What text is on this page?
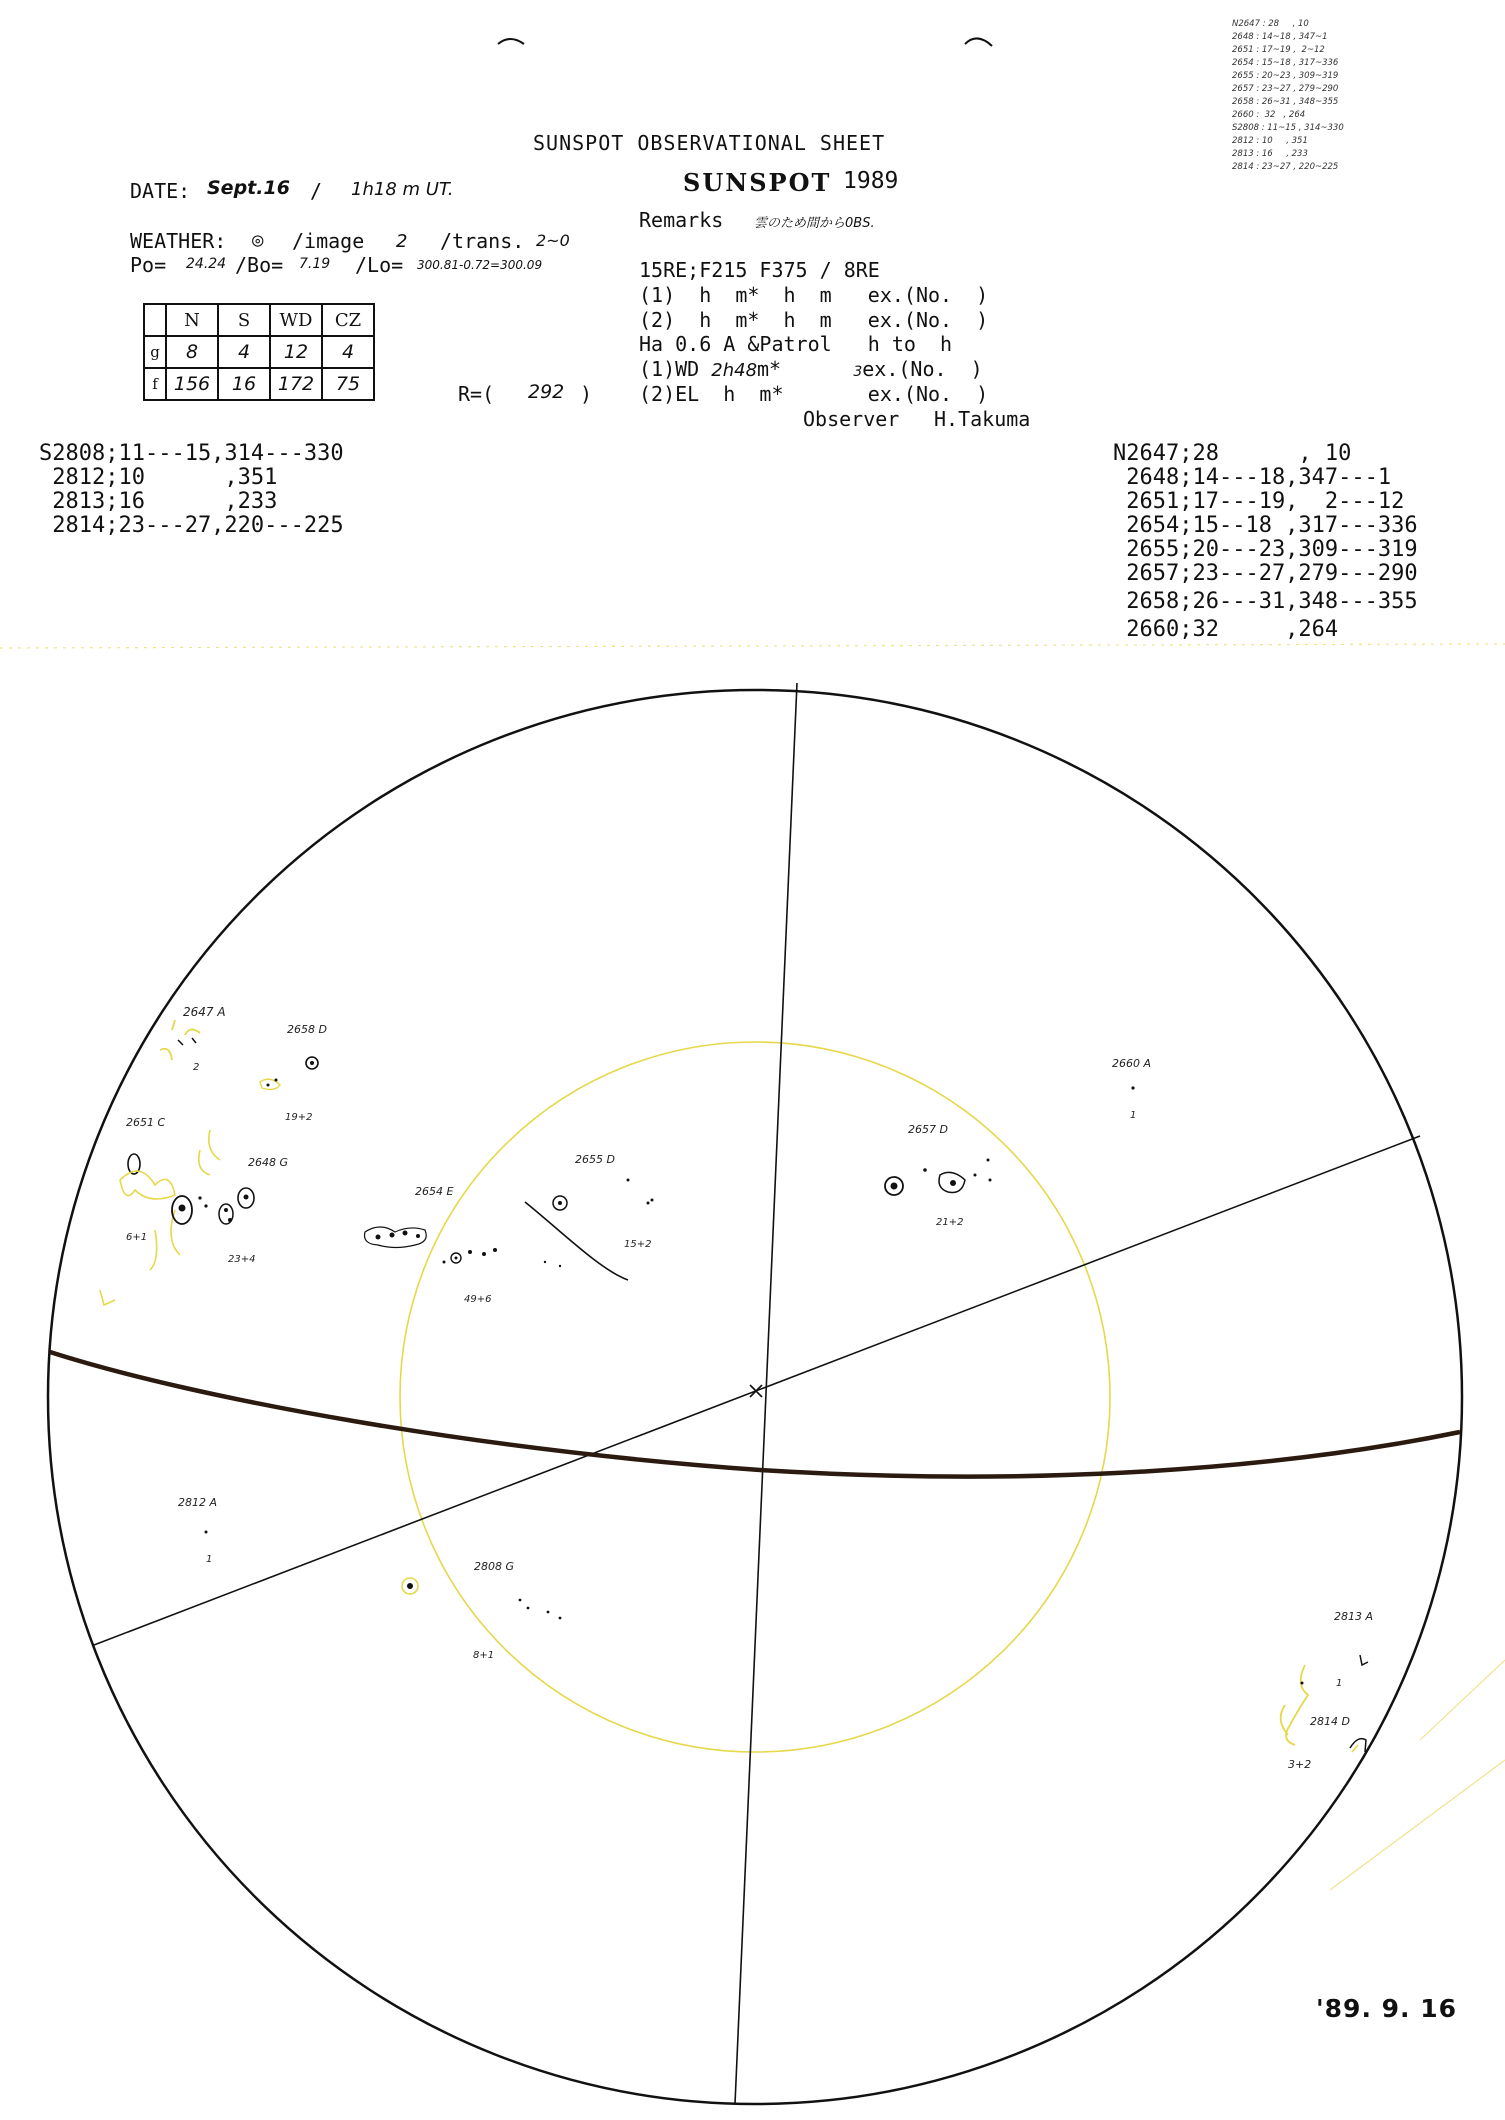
SUNSPOT OBSERVATIONAL SHEET
SUNSPOT 1989
DATE: Sept.16 / 1h18 m UT.
Remarks 雲のため間から0BS.
WEATHER: ◎ /image 2 /trans. 2~0
Po= 24.24 /Bo= 7.19 /Lo= 300.81-0.72=300.09
	N	S	WD	CZ
g	8	4	12	4
f	156	16	172	75	R=( 292 )
15RE;F215 F375 / 8RE
(1)  h  m*  h  m   ex.(No.  )
(2)  h  m*  h  m   ex.(No.  )
Ha 0.6 A &Patrol   h to  h
(1)WD 2h48m*      3ex.(No.  )
(2)EL  h  m*       ex.(No.  )
Observer H.Takuma
S2808;11---15,314---330
2812;10      ,351
2813;16      ,233
2814;23---27,220---225
N2647;28      , 10
2648;14---18,347---1
2651;17---19,  2---12
2654;15--18 ,317---336
2655;20---23,309---319
2657;23---27,279---290
2658;26---31,348---355
2660;32     ,264
N2647 : 28     , 10
2648 : 14~18 , 347~1
2651 : 17~19 ,  2~12
2654 : 15~18 , 317~336
2655 : 20~23 , 309~319
2657 : 23~27 , 279~290
2658 : 26~31 , 348~355
2660 :  32   , 264
S2808 : 11~15 , 314~330
2812 : 10     , 351
2813 : 16     , 233
2814 : 23~27 , 220~225
'89. 9. 16
2647 A
2
2658 D
19+2
2651 C
2648 G
6+1
23+4
2654 E
49+6
2655 D
15+2
2657 D
21+2
2660 A
1
2812 A
1
2808 G
8+1
2813 A
1
2814 D
3+2
